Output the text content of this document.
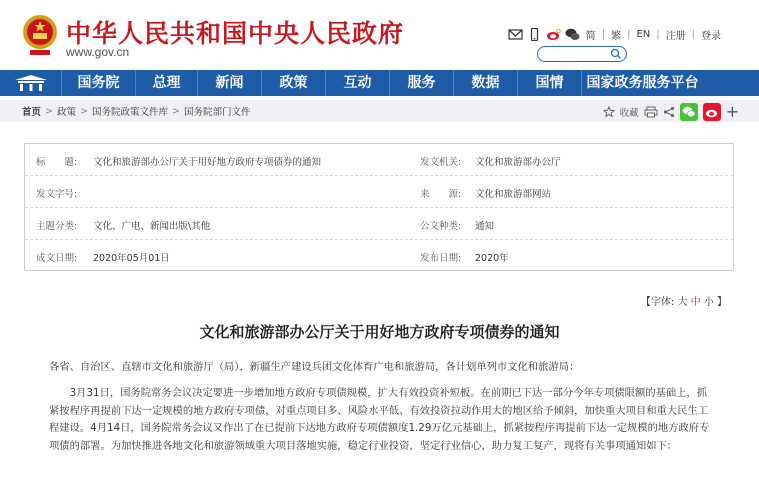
中华人民共和国中央人民政府
www.gov.cn
简 | 繁 | EN | 注册 | 登录
国务院	总理	新闻	政策	互动	服务	数据	国情	国家政务服务平台
首页 > 政策 > 国务院政策文件库 > 国务院部门文件	收藏	+
标　　题: 文化和旅游部办公厅关于用好地方政府专项债券的通知	发文机关: 文化和旅游部办公厅
发文字号:	来　　源: 文化和旅游部网站
主题分类: 文化、广电、新闻出版\其他	公文种类: 通知
成文日期: 2020年05月01日	发布日期: 2020年
【字体: 大 中 小 】
文化和旅游部办公厅关于用好地方政府专项债券的通知
各省、自治区、直辖市文化和旅游厅（局），新疆生产建设兵团文化体育广电和旅游局，各计划单列市文化和旅游局：
3月31日，国务院常务会议决定要进一步增加地方政府专项债规模，扩大有效投资补短板。在前期已下达一部分今年专项债限额的基础上，抓紧按程序再提前下达一定规模的地方政府专项债，对重点项目多、风险水平低、有效投资拉动作用大的地区给予倾斜，加快重大项目和重大民生工程建设。4月14日，国务院常务会议又作出了在已提前下达地方政府专项债额度1.29万亿元基础上，抓紧按程序再提前下达一定规模的地方政府专项债的部署。为加快推进各地文化和旅游领域重大项目落地实施，稳定行业投资，坚定行业信心，助力复工复产，现将有关事项通知如下：
